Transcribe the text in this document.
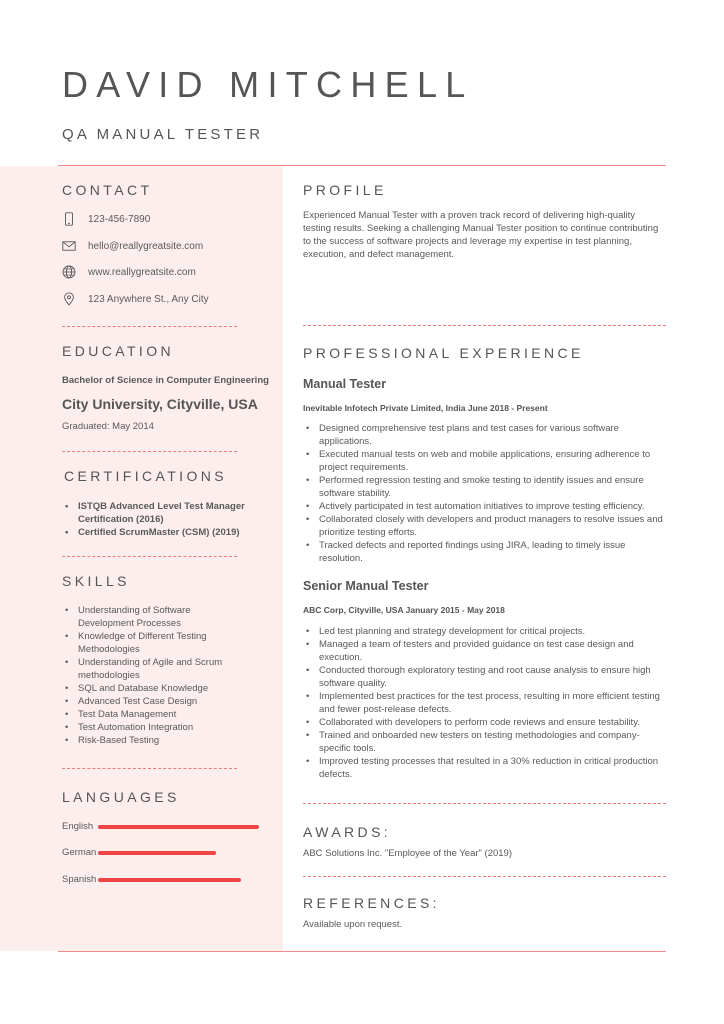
DAVID MITCHELL
QA MANUAL TESTER
CONTACT
123-456-7890
hello@reallygreatsite.com
www.reallygreatsite.com
123 Anywhere St., Any City
EDUCATION
Bachelor of Science in Computer Engineering
City University, Cityville, USA
Graduated: May 2014
CERTIFICATIONS
• ISTQB Advanced Level Test Manager Certification (2016)
• Certified ScrumMaster (CSM) (2019)
SKILLS
• Understanding of Software Development Processes
• Knowledge of Different Testing Methodologies
• Understanding of Agile and Scrum methodologies
• SQL and Database Knowledge
• Advanced Test Case Design
• Test Data Management
• Test Automation Integration
• Risk-Based Testing
LANGUAGES
English
German
Spanish
PROFILE

Experienced Manual Tester with a proven track record of delivering high-quality testing results. Seeking a challenging Manual Tester position to continue contributing to the success of software projects and leverage my expertise in test planning, execution, and defect management.

PROFESSIONAL EXPERIENCE
Manual Tester
Inevitable Infotech Private Limited, India June 2018 - Present
• Designed comprehensive test plans and test cases for various software applications.
• Executed manual tests on web and mobile applications, ensuring adherence to project requirements.
• Performed regression testing and smoke testing to identify issues and ensure software stability.
• Actively participated in test automation initiatives to improve testing efficiency.
• Collaborated closely with developers and product managers to resolve issues and prioritize testing efforts.
• Tracked defects and reported findings using JIRA, leading to timely issue resolution.
Senior Manual Tester
ABC Corp, Cityville, USA January 2015 - May 2018
• Led test planning and strategy development for critical projects.
• Managed a team of testers and provided guidance on test case design and execution.
• Conducted thorough exploratory testing and root cause analysis to ensure high software quality.
• Implemented best practices for the test process, resulting in more efficient testing and fewer post-release defects.
• Collaborated with developers to perform code reviews and ensure testability.
• Trained and onboarded new testers on testing methodologies and company-specific tools.
• Improved testing processes that resulted in a 30% reduction in critical production defects.
AWARDS:
ABC Solutions Inc. "Employee of the Year" (2019)
REFERENCES:
Available upon request.
